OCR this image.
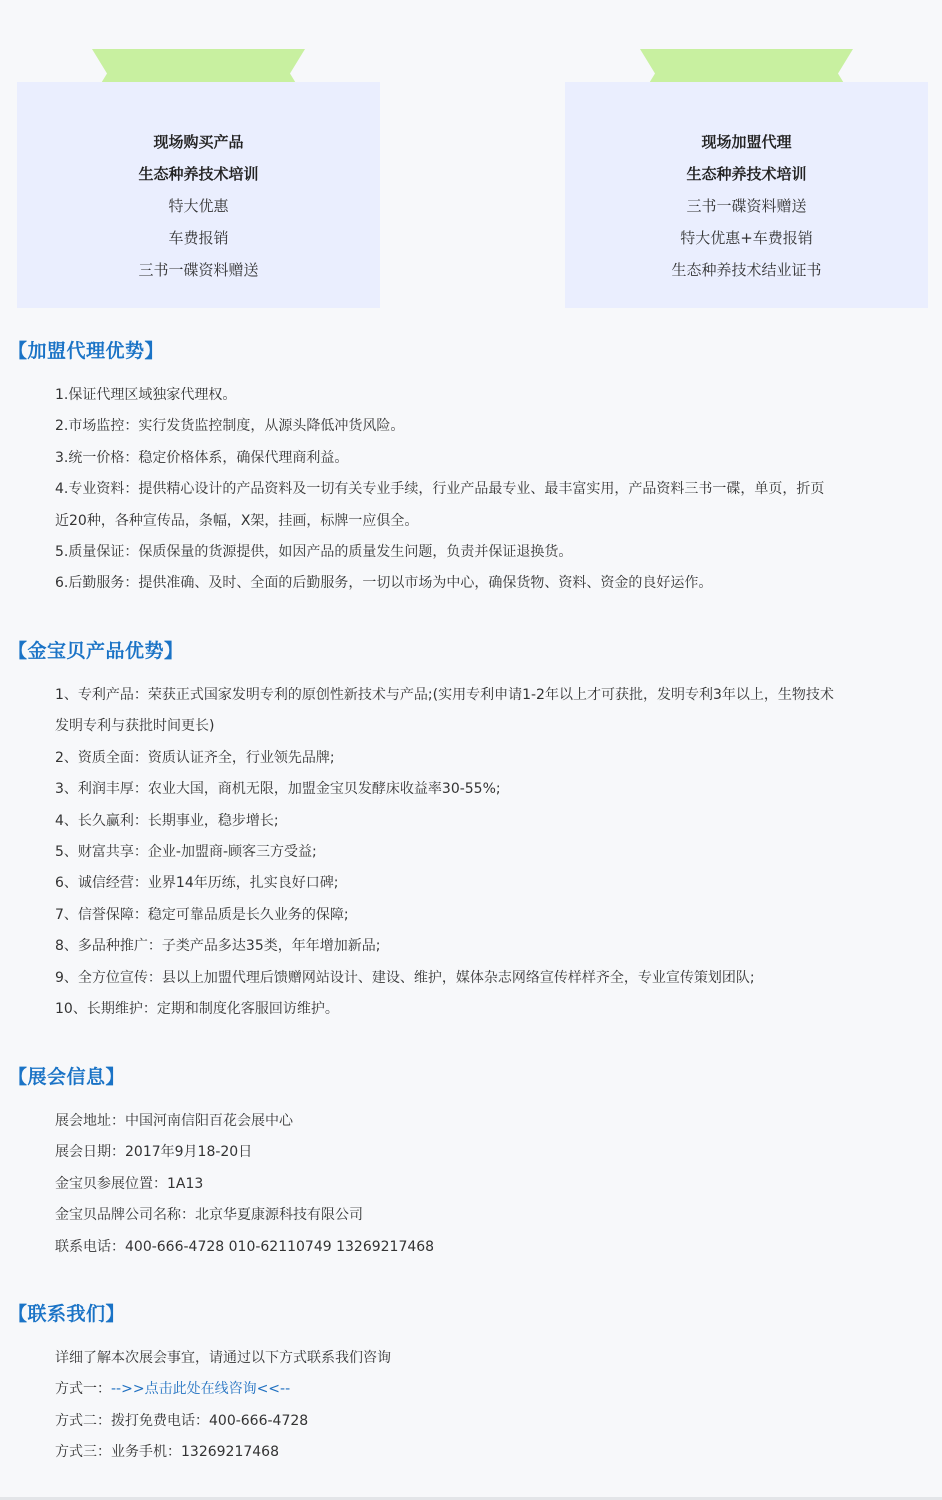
现场购买产品
生态种养技术培训
特大优惠
车费报销
三书一碟资料赠送
现场加盟代理
生态种养技术培训
三书一碟资料赠送
特大优惠+车费报销
生态种养技术结业证书
【加盟代理优势】
1.保证代理区域独家代理权。
2.市场监控：实行发货监控制度，从源头降低冲货风险。
3.统一价格：稳定价格体系，确保代理商利益。
4.专业资料：提供精心设计的产品资料及一切有关专业手续，行业产品最专业、最丰富实用，产品资料三书一碟，单页，折页
近20种，各种宣传品，条幅，X架，挂画，标牌一应俱全。
5.质量保证：保质保量的货源提供，如因产品的质量发生问题，负责并保证退换货。
6.后勤服务：提供准确、及时、全面的后勤服务，一切以市场为中心，确保货物、资料、资金的良好运作。
【金宝贝产品优势】
1、专利产品：荣获正式国家发明专利的原创性新技术与产品;(实用专利申请1-2年以上才可获批，发明专利3年以上，生物技术
发明专利与获批时间更长)
2、资质全面：资质认证齐全，行业领先品牌;
3、利润丰厚：农业大国，商机无限，加盟金宝贝发酵床收益率30-55%;
4、长久赢利：长期事业，稳步增长;
5、财富共享：企业-加盟商-顾客三方受益;
6、诚信经营：业界14年历练，扎实良好口碑;
7、信誉保障：稳定可靠品质是长久业务的保障;
8、多品种推广：子类产品多达35类，年年增加新品;
9、全方位宣传：县以上加盟代理后馈赠网站设计、建设、维护，媒体杂志网络宣传样样齐全，专业宣传策划团队;
10、长期维护：定期和制度化客服回访维护。
【展会信息】
展会地址：中国河南信阳百花会展中心
展会日期：2017年9月18-20日
金宝贝参展位置：1A13
金宝贝品牌公司名称：北京华夏康源科技有限公司
联系电话：400-666-4728 010-62110749 13269217468
【联系我们】
详细了解本次展会事宜，请通过以下方式联系我们咨询
方式一：-->>点击此处在线咨询<<--
方式二：拨打免费电话：400-666-4728
方式三：业务手机：13269217468
